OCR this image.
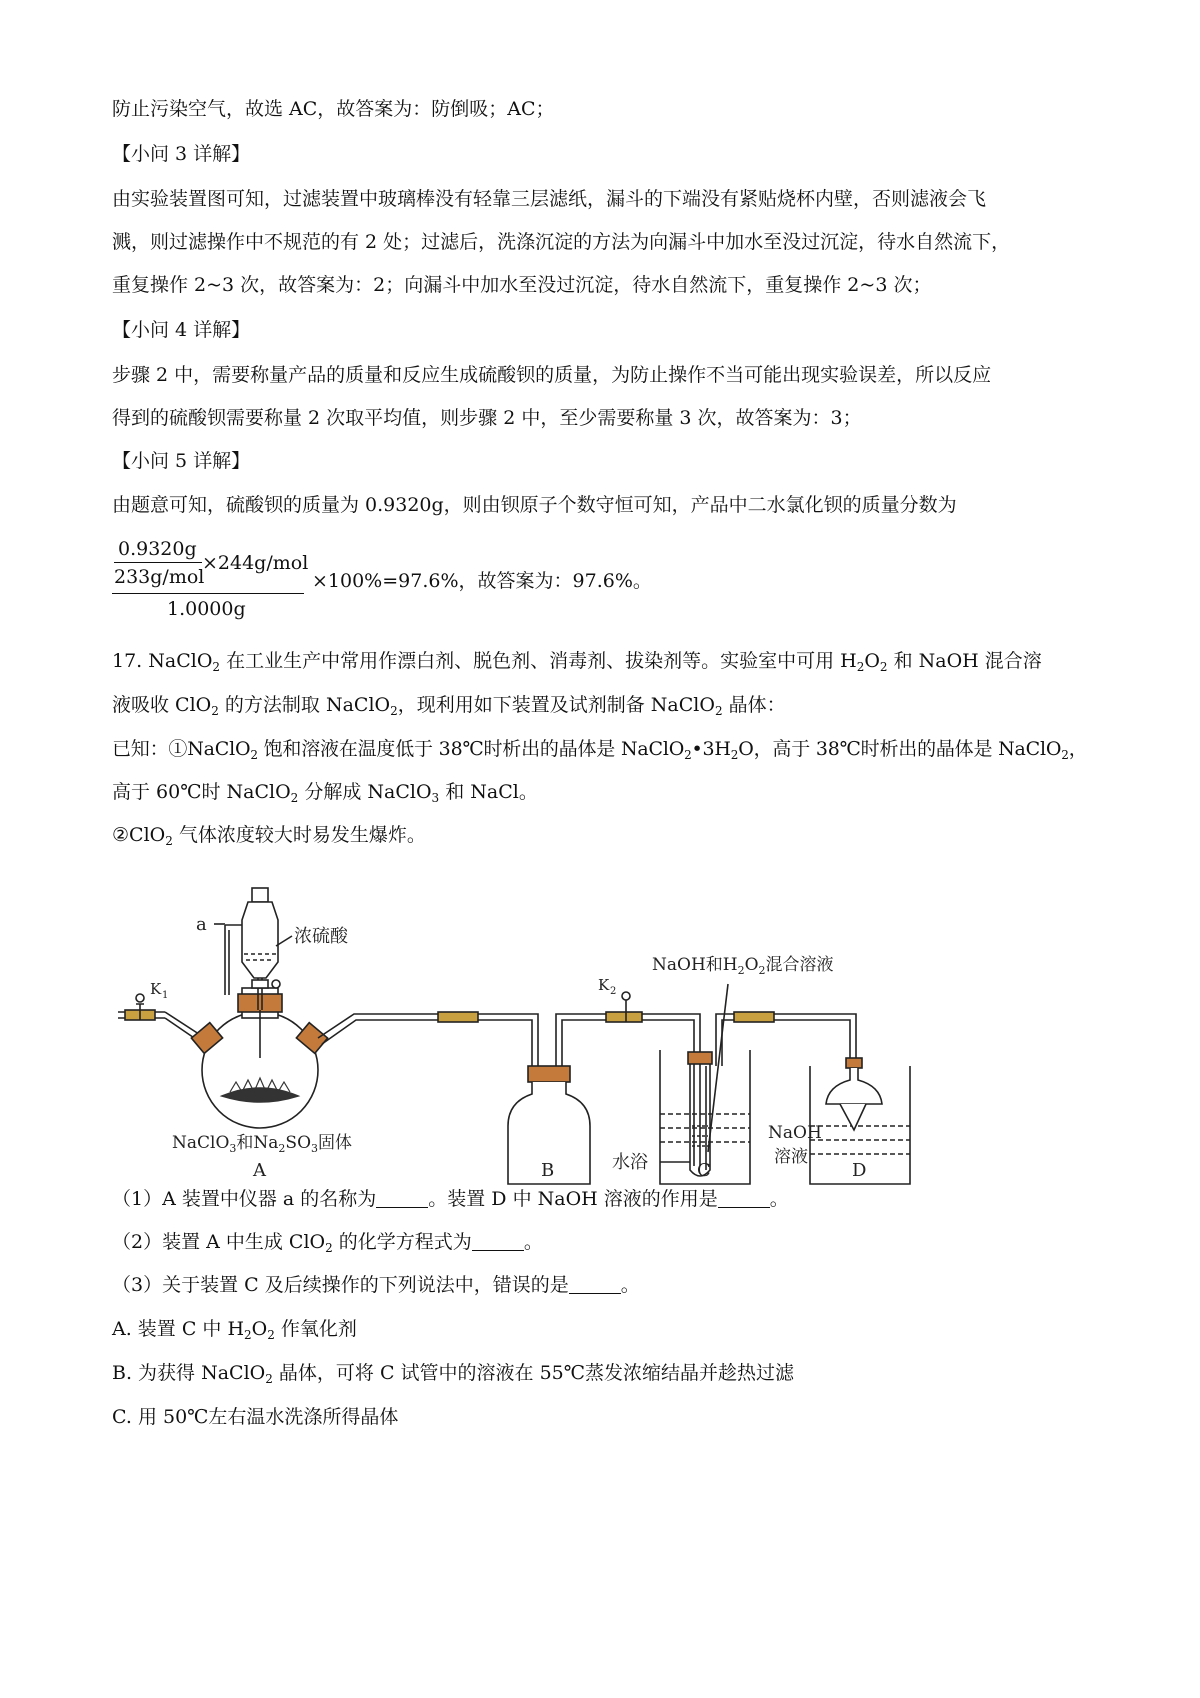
防止污染空气，故选 AC，故答案为：防倒吸；AC；
【小问 3 详解】
由实验装置图可知，过滤装置中玻璃棒没有轻靠三层滤纸，漏斗的下端没有紧贴烧杯内壁，否则滤液会飞
溅，则过滤操作中不规范的有 2 处；过滤后，洗涤沉淀的方法为向漏斗中加水至没过沉淀，待水自然流下，
重复操作 2~3 次，故答案为：2；向漏斗中加水至没过沉淀，待水自然流下，重复操作 2~3 次；
【小问 4 详解】
步骤 2 中，需要称量产品的质量和反应生成硫酸钡的质量，为防止操作不当可能出现实验误差，所以反应
得到的硫酸钡需要称量 2 次取平均值，则步骤 2 中，至少需要称量 3 次，故答案为：3；
【小问 5 详解】
由题意可知，硫酸钡的质量为 0.9320g，则由钡原子个数守恒可知，产品中二水氯化钡的质量分数为
0.9320g
×244g/mol
233g/mol
1.0000g
×100%=97.6%，故答案为：97.6%。
17. NaClO$_2$ 在工业生产中常用作漂白剂、脱色剂、消毒剂、拔染剂等。实验室中可用 $H_2O_2$ 和 NaOH 混合溶
液吸收 ClO$_2$ 的方法制取 NaClO$_2$，现利用如下装置及试剂制备 NaClO$_2$ 晶体：
已知：①NaClO$_2$ 饱和溶液在温度低于 38℃时析出的晶体是 $NaClO_2•3H_2O$，高于 38℃时析出的晶体是 NaClO$_2$，
高于 60℃时 NaClO$_2$ 分解成 NaClO$_3$ 和 NaCl。
②ClO$_2$ 气体浓度较大时易发生爆炸。
K 1
a
浓硫酸
K 2
NaOH和$H_2O_2$混合溶液
水浴
NaOH
溶液
NaClO$_3$和$Na_2SO_3$固体
A	B	C	D
（1）A 装置中仪器 a 的名称为	。装置 D 中 NaOH 溶液的作用是	。
（2）装置 A 中生成 ClO$_2$ 的化学方程式为	。
（3）关于装置 C 及后续操作的下列说法中，错误的是	。
A. 装置 C 中 $H_2O_2$ 作氧化剂
B. 为获得 NaClO$_2$ 晶体，可将 C 试管中的溶液在 55℃蒸发浓缩结晶并趁热过滤
C. 用 50℃左右温水洗涤所得晶体
